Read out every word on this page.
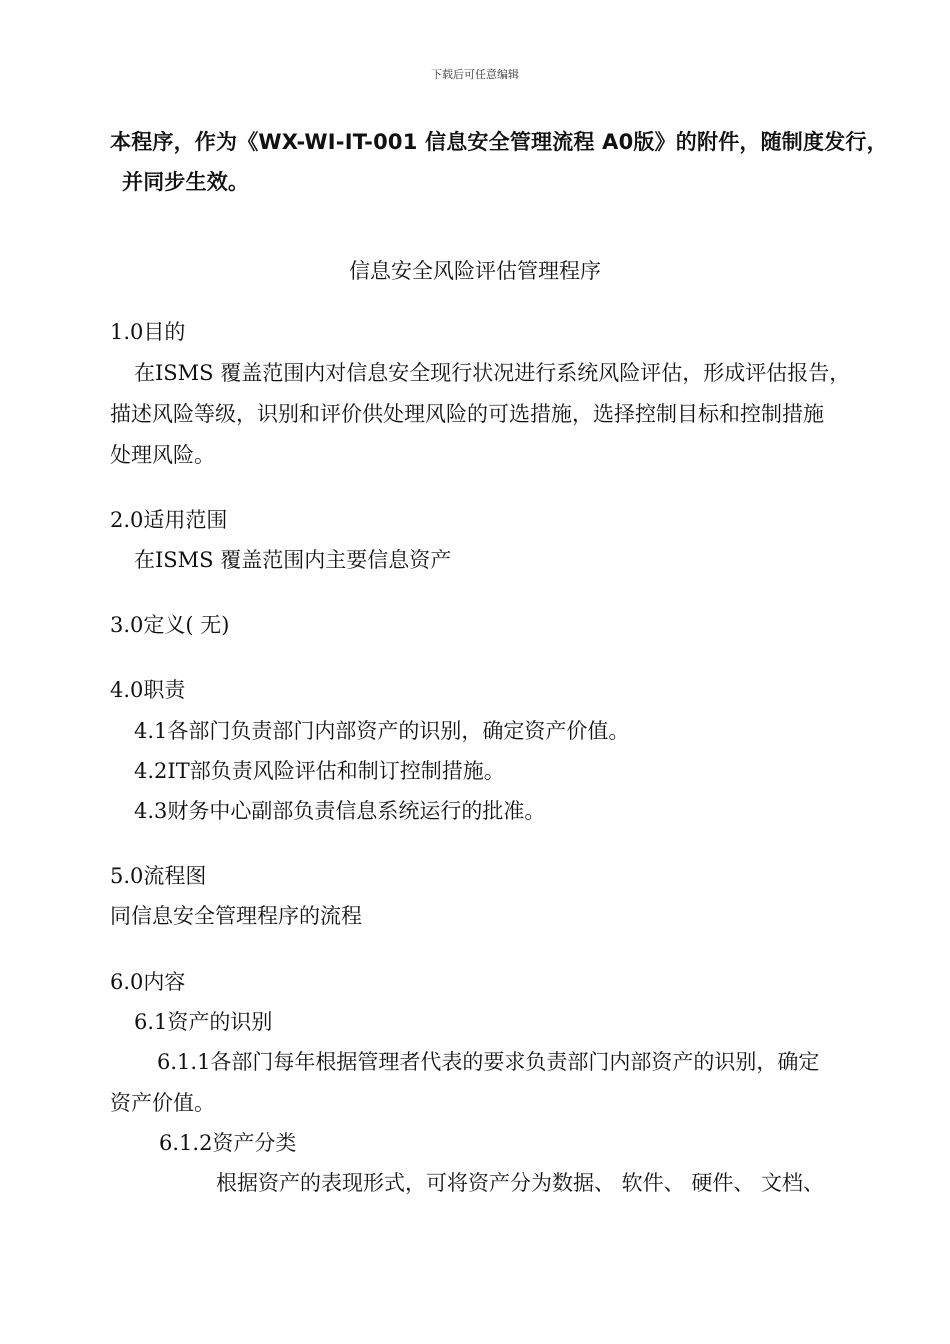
下载后可任意编辑
本程序，作为《WX-WI-IT-001 信息安全管理流程 A0版》的附件，随制度发行，
并同步生效。
信息安全风险评估管理程序
1.0目的
在ISMS 覆盖范围内对信息安全现行状况进行系统风险评估，形成评估报告，
描述风险等级，识别和评价供处理风险的可选措施，选择控制目标和控制措施
处理风险。
2.0适用范围
在ISMS 覆盖范围内主要信息资产
3.0定义( 无)
4.0职责
4.1各部门负责部门内部资产的识别，确定资产价值。
4.2IT部负责风险评估和制订控制措施。
4.3财务中心副部负责信息系统运行的批准。
5.0流程图
同信息安全管理程序的流程
6.0内容
6.1资产的识别
6.1.1各部门每年根据管理者代表的要求负责部门内部资产的识别，确定
资产价值。
6.1.2资产分类
根据资产的表现形式，可将资产分为数据、 软件、 硬件、 文档、
